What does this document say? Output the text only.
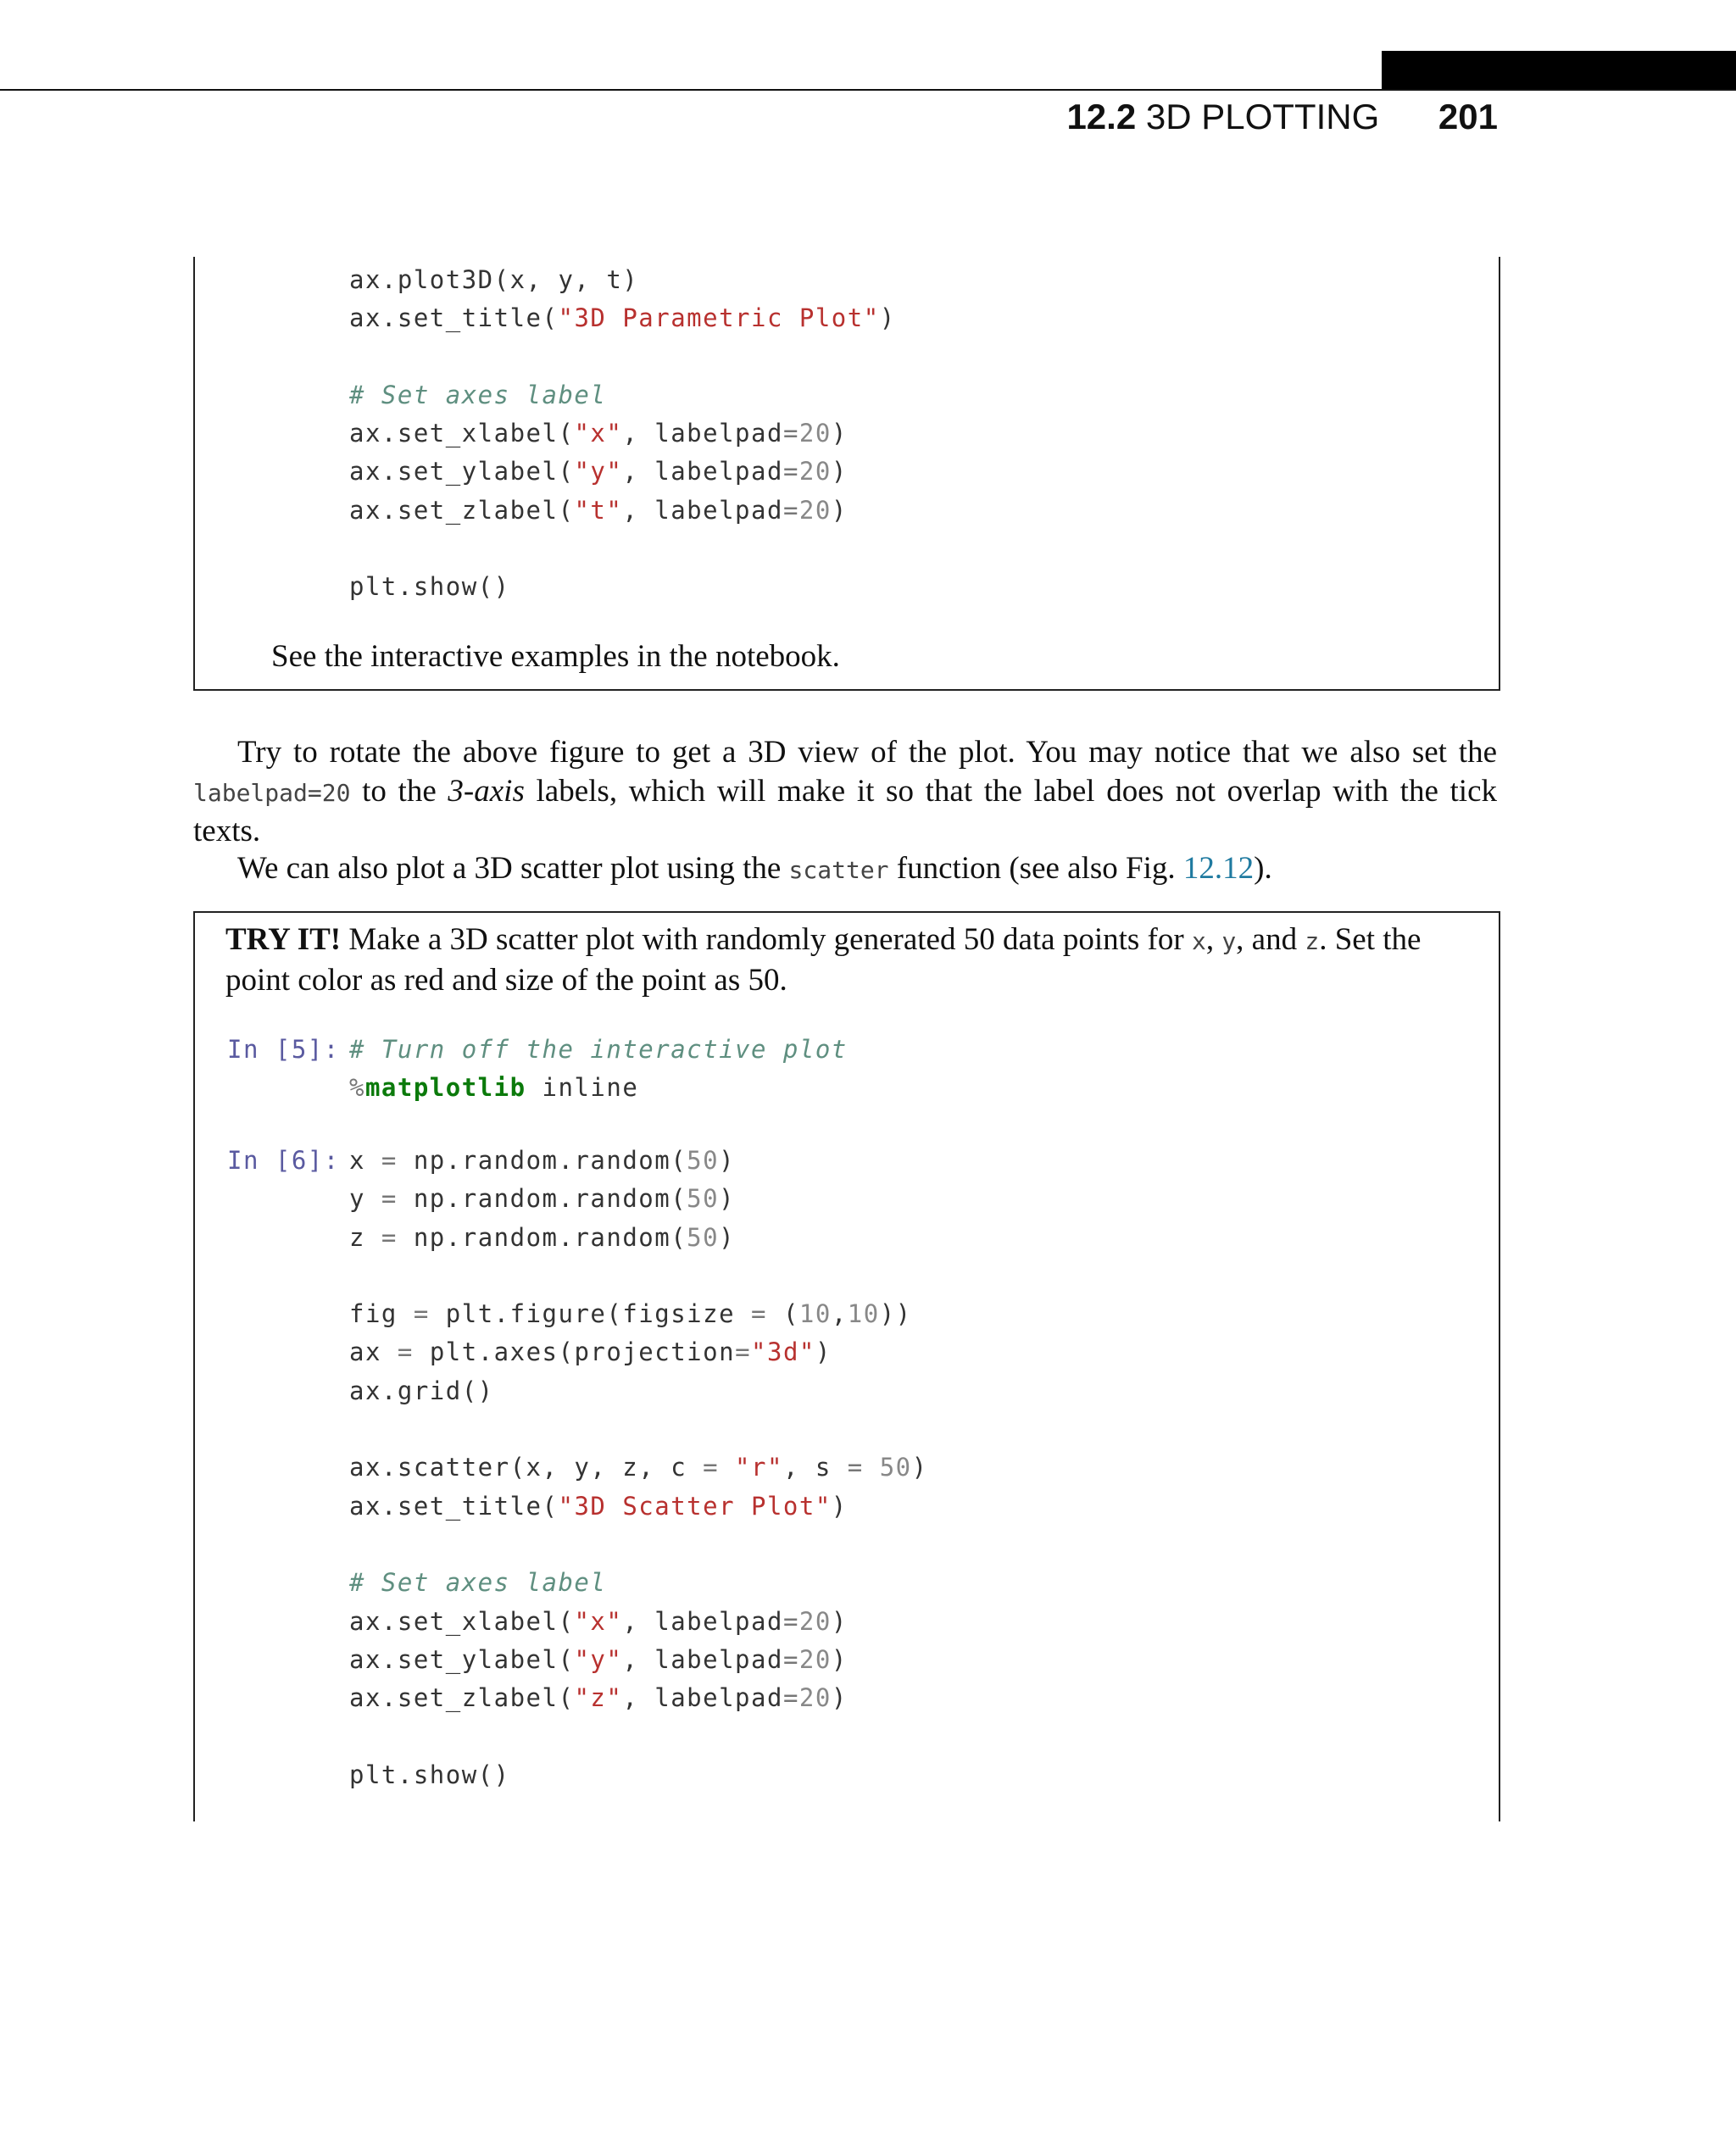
12.2 3D PLOTTING 201
ax.plot3D(x, y, t)
ax.set_title("3D Parametric Plot")

# Set axes label
ax.set_xlabel("x", labelpad=20)
ax.set_ylabel("y", labelpad=20)
ax.set_zlabel("t", labelpad=20)

plt.show()
See the interactive examples in the notebook.
Try to rotate the above figure to get a 3D view of the plot. You may notice that we also set the labelpad=20 to the 3-axis labels, which will make it so that the label does not overlap with the tick texts.
We can also plot a 3D scatter plot using the scatter function (see also Fig. 12.12).
TRY IT! Make a 3D scatter plot with randomly generated 50 data points for x, y, and z. Set the point color as red and size of the point as 50.
In [5]: # Turn off the interactive plot
%matplotlib inline
In [6]: x = np.random.random(50)
y = np.random.random(50)
z = np.random.random(50)

fig = plt.figure(figsize = (10,10))
ax = plt.axes(projection="3d")
ax.grid()

ax.scatter(x, y, z, c = "r", s = 50)
ax.set_title("3D Scatter Plot")

# Set axes label
ax.set_xlabel("x", labelpad=20)
ax.set_ylabel("y", labelpad=20)
ax.set_zlabel("z", labelpad=20)

plt.show()
